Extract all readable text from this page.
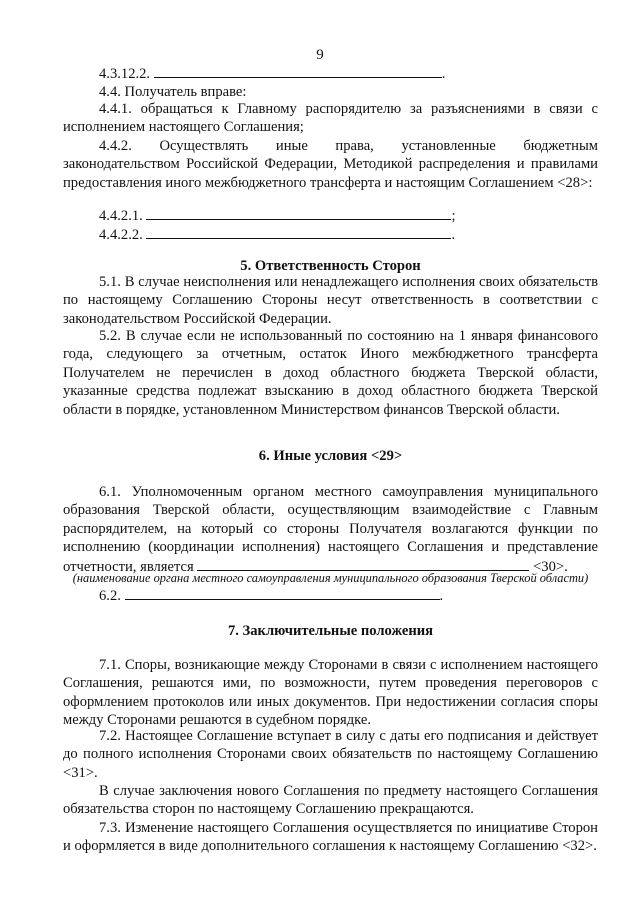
9
4.3.12.2.	.
4.4. Получатель вправе:

4.4.1. обращаться к Главному распорядителю за разъяснениями в связи с исполнением настоящего Соглашения;

4.4.2. Осуществлять иные права, установленные бюджетным законодательством Российской Федерации, Методикой распределения и правилами предоставления иного межбюджетного трансферта и настоящим Соглашением <28>:

4.4.2.1.	;
4.4.2.2.	.
5. Ответственность Сторон

5.1. В случае неисполнения или ненадлежащего исполнения своих обязательств по настоящему Соглашению Стороны несут ответственность в соответствии с законодательством Российской Федерации.

5.2. В случае если не использованный по состоянию на 1 января финансового года, следующего за отчетным, остаток Иного межбюджетного трансферта Получателем не перечислен в доход областного бюджета Тверской области, указанные средства подлежат взысканию в доход областного бюджета Тверской области в порядке, установленном Министерством финансов Тверской области.

6. Иные условия <29>

6.1. Уполномоченным органом местного самоуправления муниципального образования Тверской области, осуществляющим взаимодействие с Главным распорядителем, на который со стороны Получателя возлагаются функции по исполнению (координации исполнения) настоящего Соглашения и представление отчетности, является	<30>.

(наименование органа местного самоуправления муниципального образования Тверской области)
6.2.	.
7. Заключительные положения

7.1. Споры, возникающие между Сторонами в связи с исполнением настоящего Соглашения, решаются ими, по возможности, путем проведения переговоров с оформлением протоколов или иных документов. При недостижении согласия споры между Сторонами решаются в судебном порядке.

7.2. Настоящее Соглашение вступает в силу с даты его подписания и действует до полного исполнения Сторонами своих обязательств по настоящему Соглашению <31>.

В случае заключения нового Соглашения по предмету настоящего Соглашения обязательства сторон по настоящему Соглашению прекращаются.

7.3. Изменение настоящего Соглашения осуществляется по инициативе Сторон и оформляется в виде дополнительного соглашения к настоящему Соглашению <32>.
